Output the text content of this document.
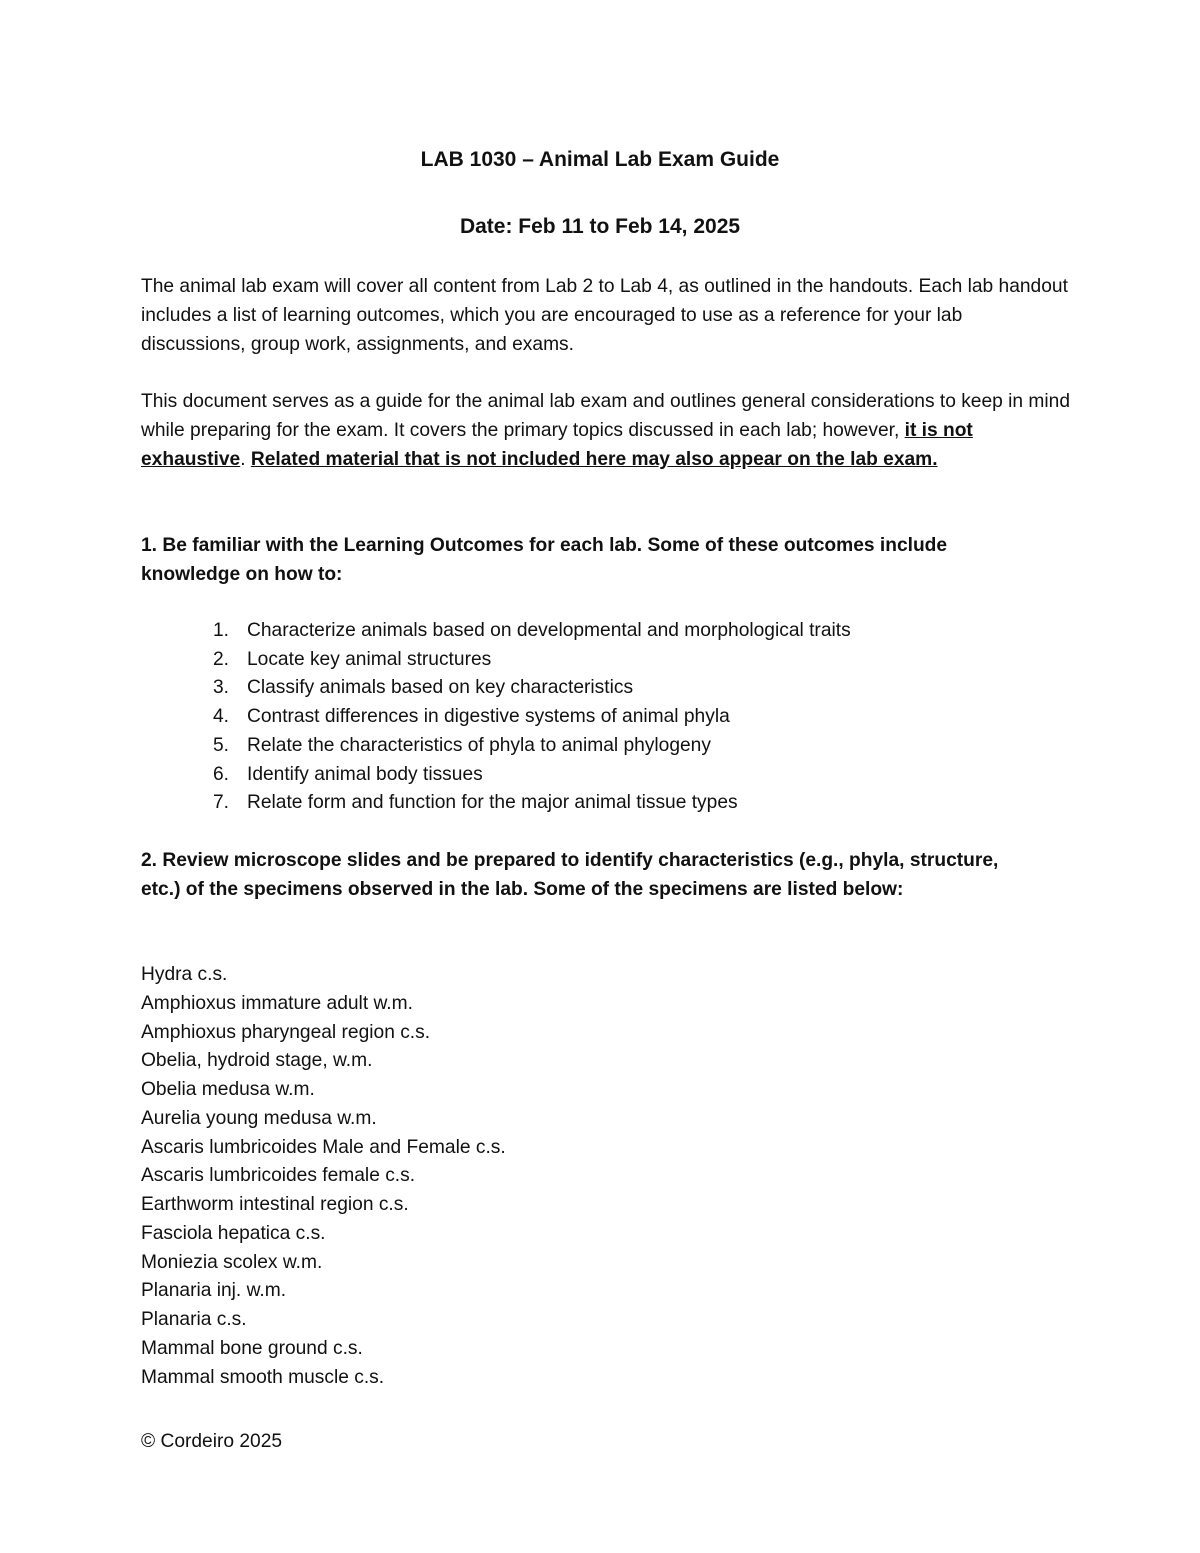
LAB 1030 – Animal Lab Exam Guide
Date: Feb 11 to Feb 14, 2025

The animal lab exam will cover all content from Lab 2 to Lab 4, as outlined in the handouts. Each lab handout includes a list of learning outcomes, which you are encouraged to use as a reference for your lab discussions, group work, assignments, and exams.

This document serves as a guide for the animal lab exam and outlines general considerations to keep in mind while preparing for the exam. It covers the primary topics discussed in each lab; however, it is not exhaustive. Related material that is not included here may also appear on the lab exam.

1. Be familiar with the Learning Outcomes for each lab. Some of these outcomes include knowledge on how to:

1. Characterize animals based on developmental and morphological traits
2. Locate key animal structures
3. Classify animals based on key characteristics
4. Contrast differences in digestive systems of animal phyla
5. Relate the characteristics of phyla to animal phylogeny
6. Identify animal body tissues
7. Relate form and function for the major animal tissue types

2. Review microscope slides and be prepared to identify characteristics (e.g., phyla, structure, etc.) of the specimens observed in the lab. Some of the specimens are listed below:

Hydra c.s.
Amphioxus immature adult w.m.
Amphioxus pharyngeal region c.s.
Obelia, hydroid stage, w.m.
Obelia medusa w.m.
Aurelia young medusa w.m.
Ascaris lumbricoides Male and Female c.s.
Ascaris lumbricoides female c.s.
Earthworm intestinal region c.s.
Fasciola hepatica c.s.
Moniezia scolex w.m.
Planaria inj. w.m.
Planaria c.s.
Mammal bone ground c.s.
Mammal smooth muscle c.s.
© Cordeiro 2025
